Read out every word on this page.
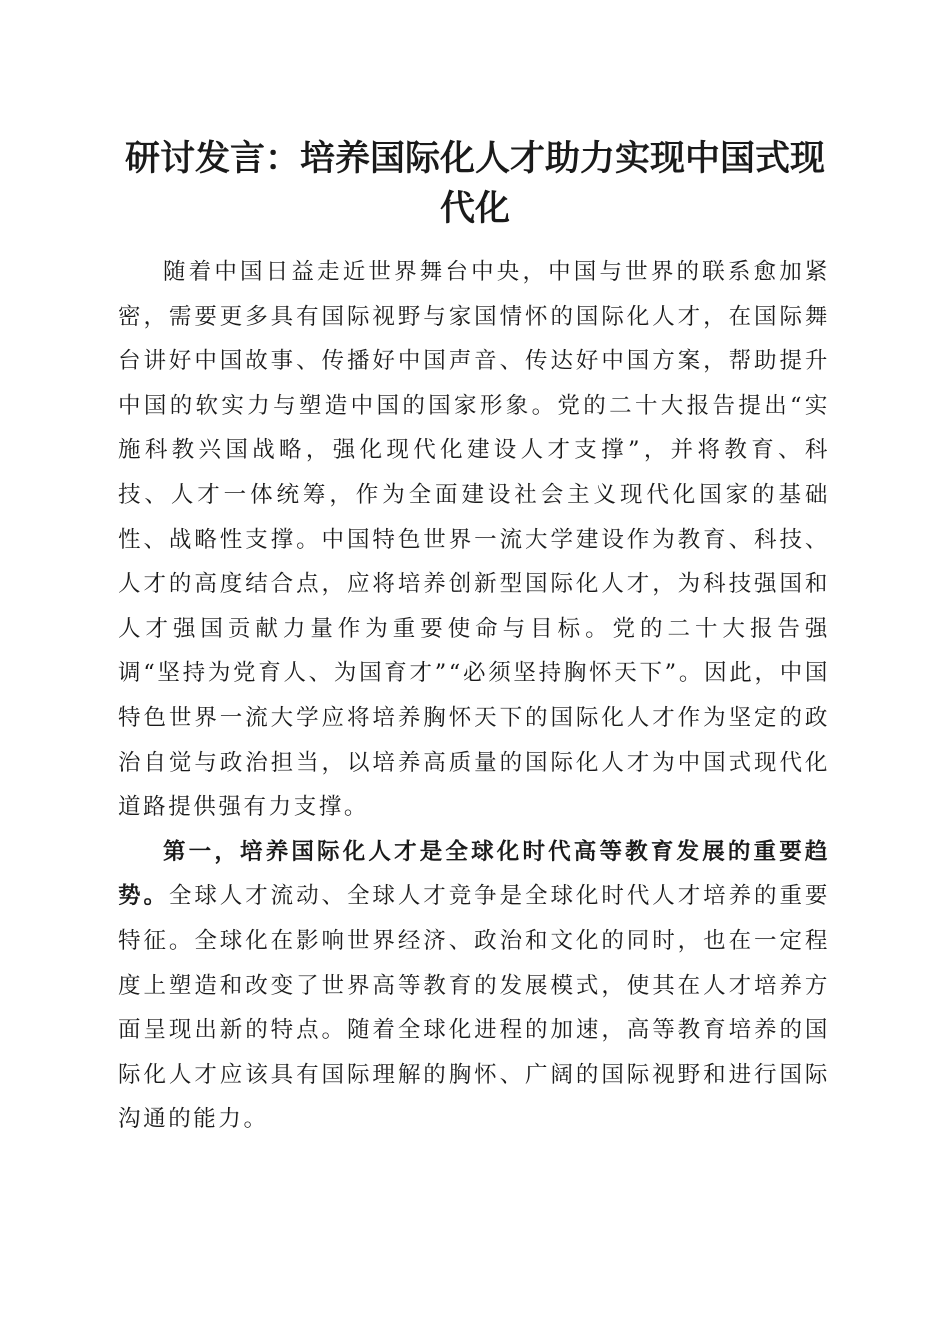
研讨发言：培养国际化人才助力实现中国式现代化

随着中国日益走近世界舞台中央，中国与世界的联系愈加紧密，需要更多具有国际视野与家国情怀的国际化人才，在国际舞台讲好中国故事、传播好中国声音、传达好中国方案，帮助提升中国的软实力与塑造中国的国家形象。党的二十大报告提出“实施科教兴国战略，强化现代化建设人才支撑”，并将教育、科技、人才一体统筹，作为全面建设社会主义现代化国家的基础性、战略性支撑。中国特色世界一流大学建设作为教育、科技、人才的高度结合点，应将培养创新型国际化人才，为科技强国和人才强国贡献力量作为重要使命与目标。党的二十大报告强调“坚持为党育人、为国育才”“必须坚持胸怀天下”。因此，中国特色世界一流大学应将培养胸怀天下的国际化人才作为坚定的政治自觉与政治担当，以培养高质量的国际化人才为中国式现代化道路提供强有力支撑。

第一，培养国际化人才是全球化时代高等教育发展的重要趋势。全球人才流动、全球人才竞争是全球化时代人才培养的重要特征。全球化在影响世界经济、政治和文化的同时，也在一定程度上塑造和改变了世界高等教育的发展模式，使其在人才培养方面呈现出新的特点。随着全球化进程的加速，高等教育培养的国际化人才应该具有国际理解的胸怀、广阔的国际视野和进行国际沟通的能力。
